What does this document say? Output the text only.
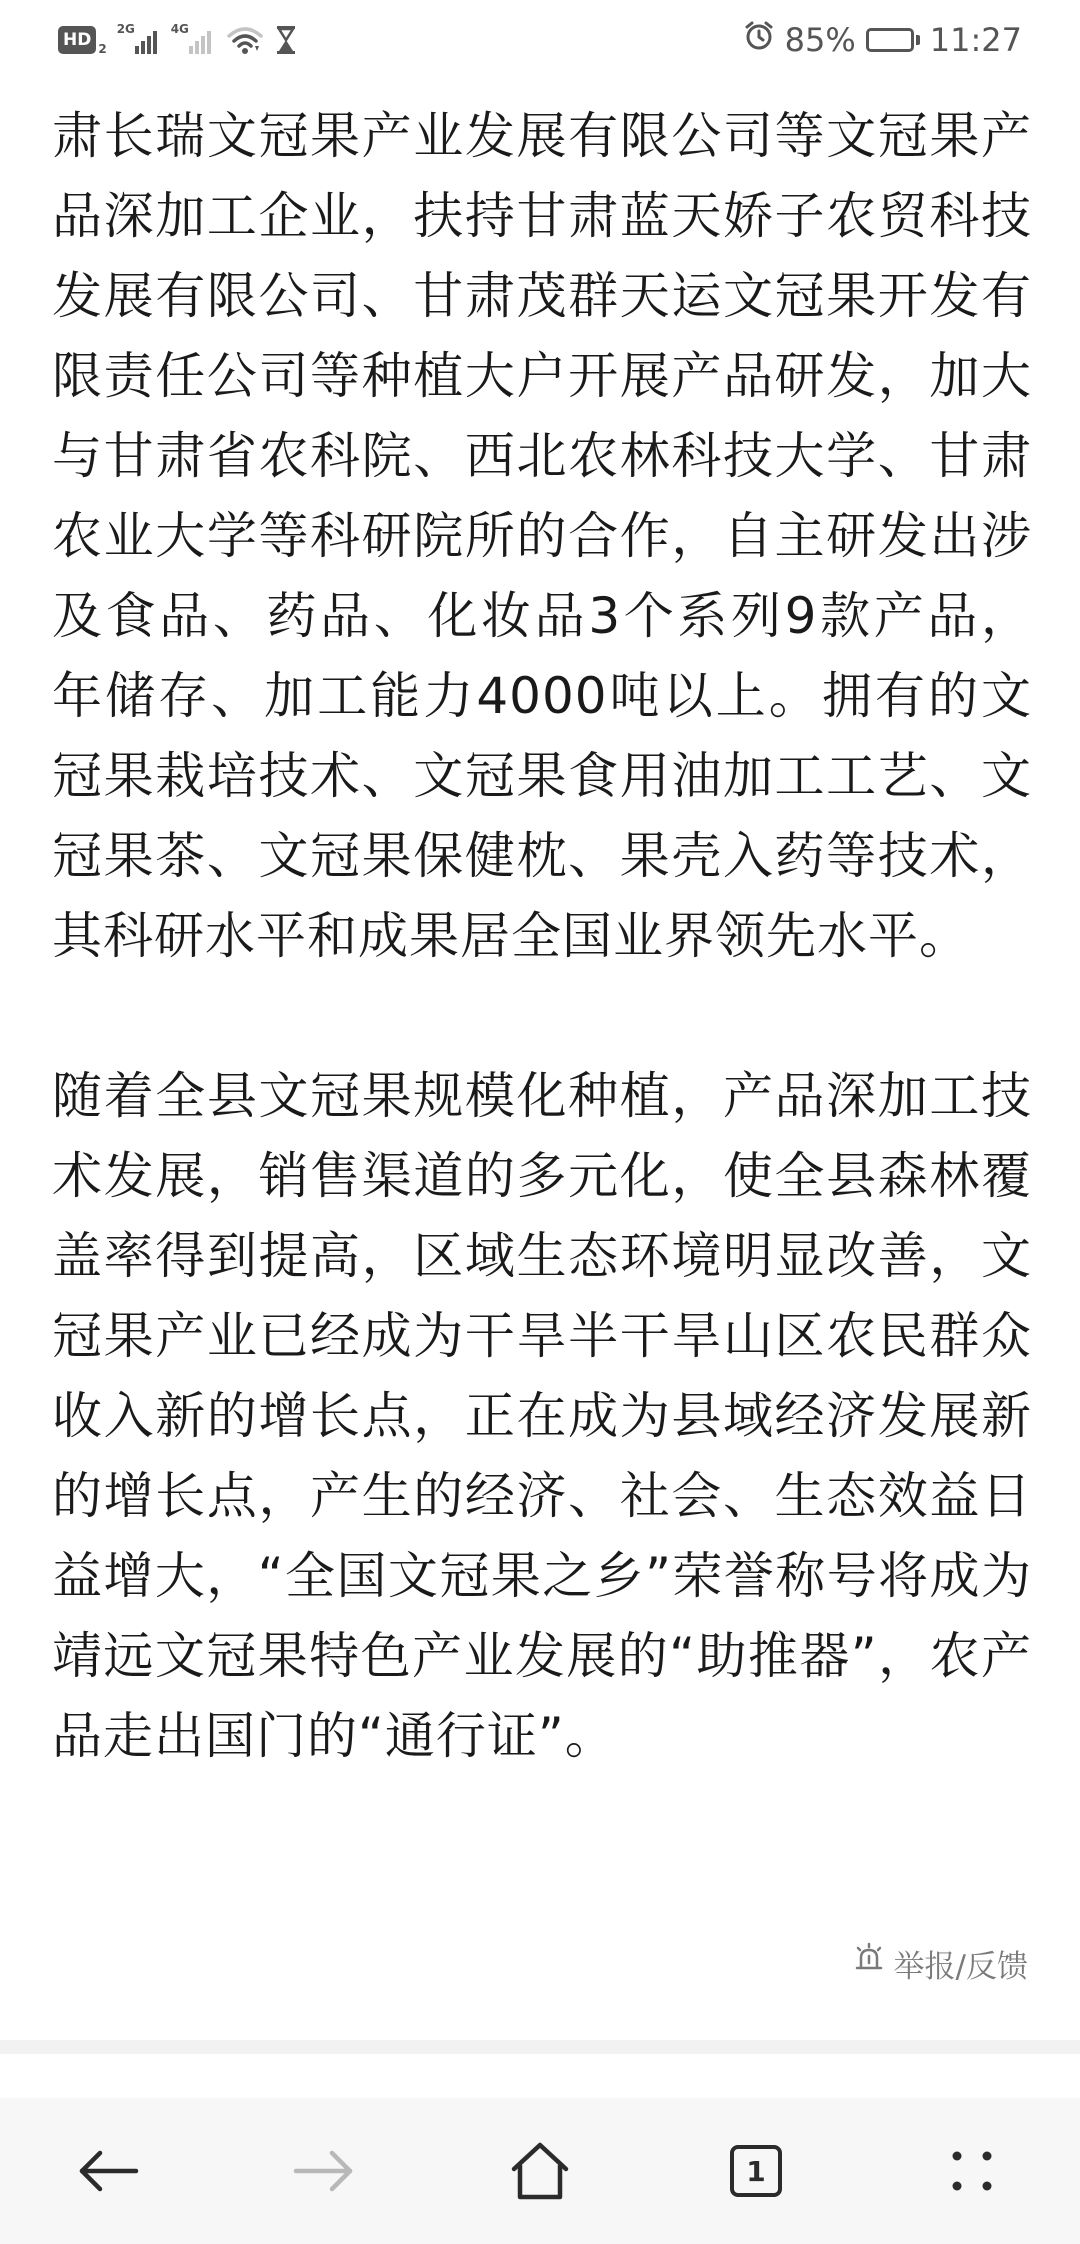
HD 2
2G	4G	85% 11:27

肃长瑞文冠果产业发展有限公司等文冠果产品深加工企业，扶持甘肃蓝天娇子农贸科技发展有限公司、甘肃茂群天运文冠果开发有限责任公司等种植大户开展产品研发，加大与甘肃省农科院、西北农林科技大学、甘肃农业大学等科研院所的合作，自主研发出涉及食品、药品、化妆品3个系列9款产品，年储存、加工能力4000吨以上。拥有的文冠果栽培技术、文冠果食用油加工工艺、文冠果茶、文冠果保健枕、果壳入药等技术，其科研水平和成果居全国业界领先水平。

随着全县文冠果规模化种植，产品深加工技术发展，销售渠道的多元化，使全县森林覆盖率得到提高，区域生态环境明显改善，文冠果产业已经成为干旱半干旱山区农民群众收入新的增长点，正在成为县域经济发展新的增长点，产生的经济、社会、生态效益日益增大，“全国文冠果之乡”荣誉称号将成为靖远文冠果特色产业发展的“助推器”，农产品走出国门的“通行证”。

举报/反馈
1
